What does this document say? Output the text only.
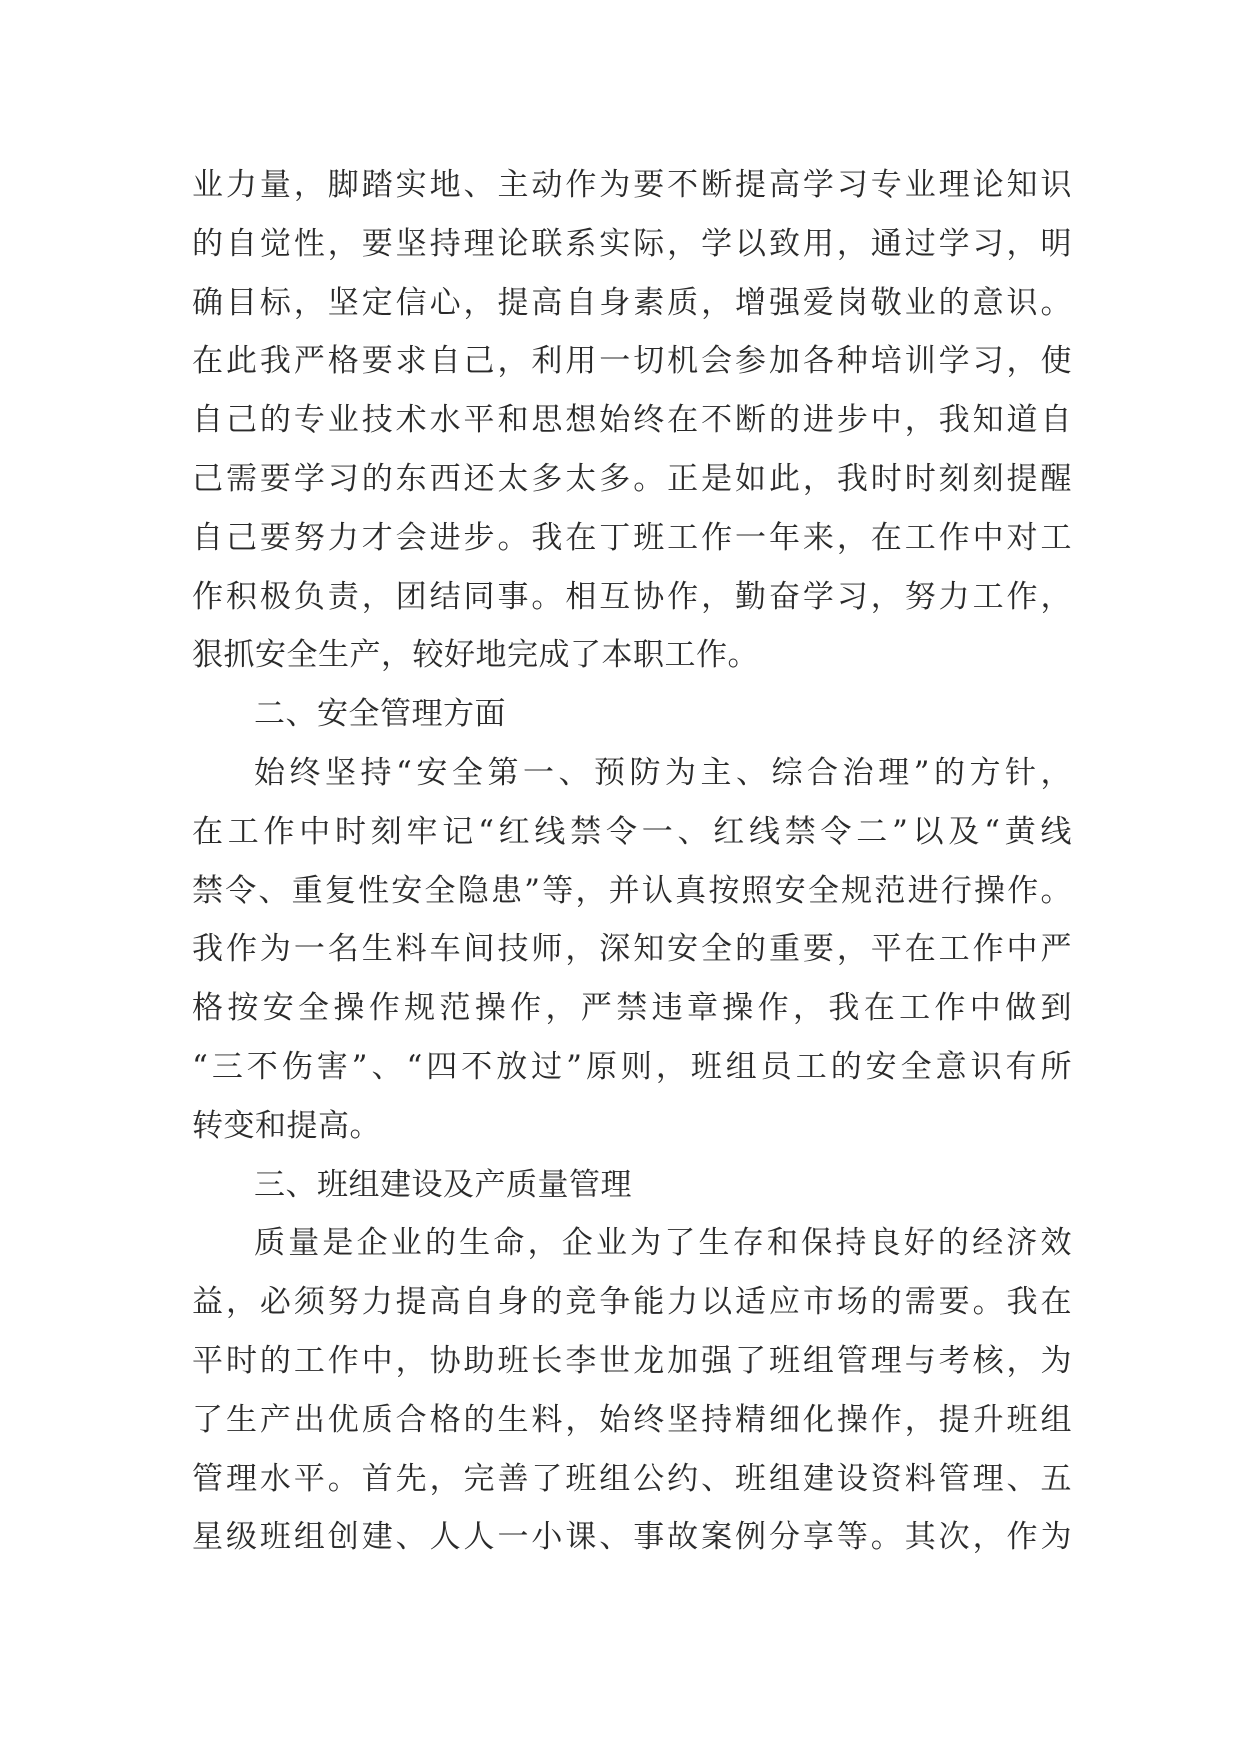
业力量，脚踏实地、主动作为要不断提高学习专业理论知识
的自觉性，要坚持理论联系实际，学以致用，通过学习，明
确目标，坚定信心，提高自身素质，增强爱岗敬业的意识。
在此我严格要求自己，利用一切机会参加各种培训学习，使
自己的专业技术水平和思想始终在不断的进步中，我知道自
己需要学习的东西还太多太多。正是如此，我时时刻刻提醒
自己要努力才会进步。我在丁班工作一年来，在工作中对工
作积极负责，团结同事。相互协作，勤奋学习，努力工作，
狠抓安全生产，较好地完成了本职工作。
二、安全管理方面
始终坚持“安全第一、预防为主、综合治理”的方针，
在工作中时刻牢记“红线禁令一、红线禁令二”以及“黄线
禁令、重复性安全隐患”等，并认真按照安全规范进行操作。
我作为一名生料车间技师，深知安全的重要，平在工作中严
格按安全操作规范操作，严禁违章操作，我在工作中做到
“三不伤害”、“四不放过”原则，班组员工的安全意识有所
转变和提高。
三、班组建设及产质量管理
质量是企业的生命，企业为了生存和保持良好的经济效
益，必须努力提高自身的竞争能力以适应市场的需要。我在
平时的工作中，协助班长李世龙加强了班组管理与考核，为
了生产出优质合格的生料，始终坚持精细化操作，提升班组
管理水平。首先，完善了班组公约、班组建设资料管理、五
星级班组创建、人人一小课、事故案例分享等。其次，作为
